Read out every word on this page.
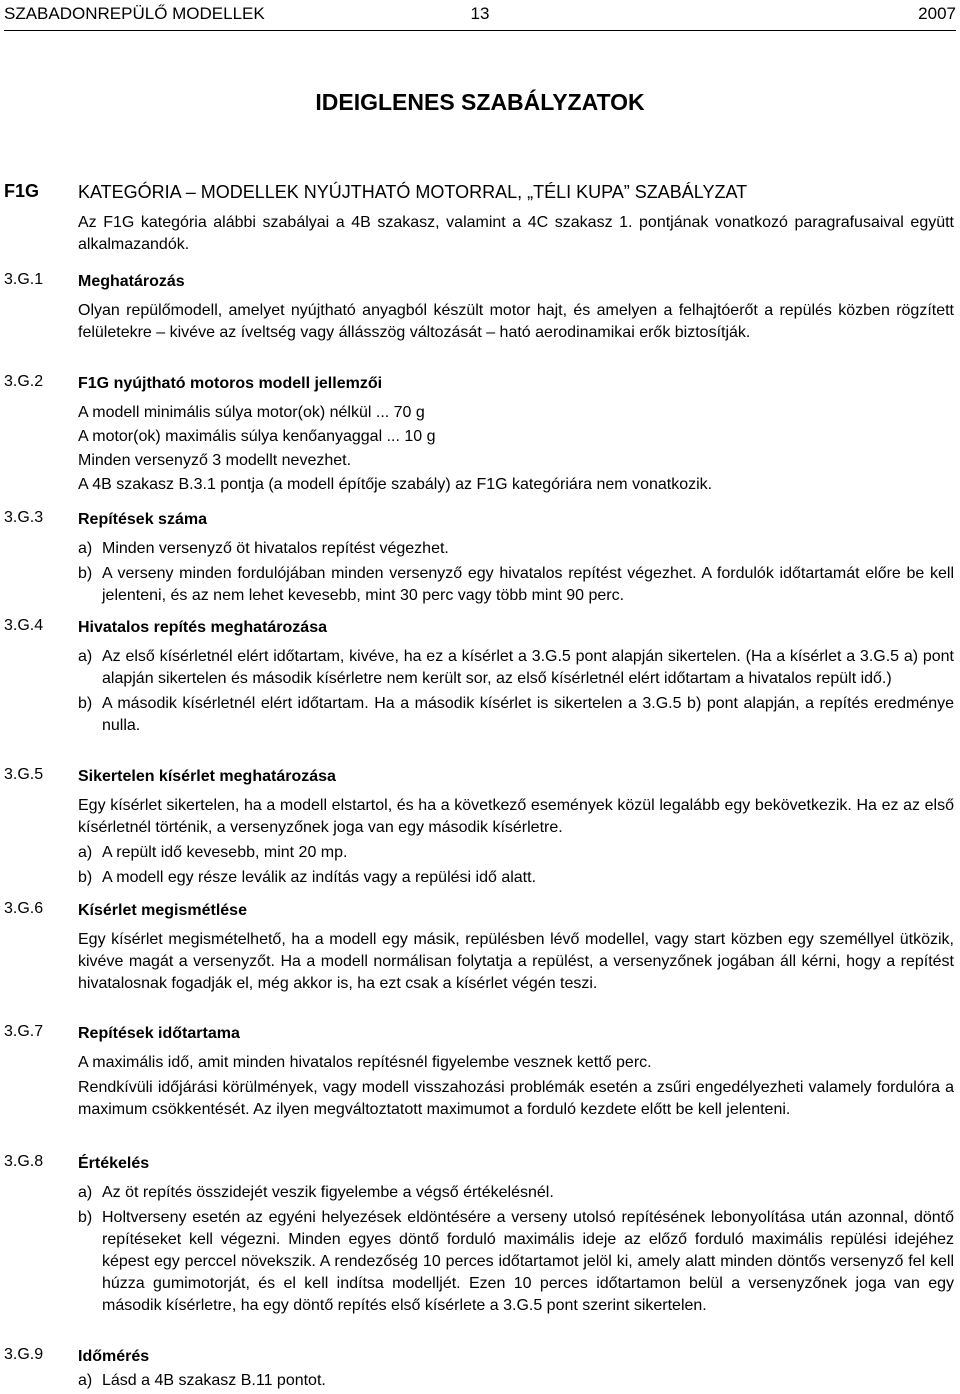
SZABADONREPÜLŐ MODELLEK	13	2007
IDEIGLENES SZABÁLYZATOK
F1G KATEGÓRIA – MODELLEK NYÚJTHATÓ MOTORRAL, „TÉLI KUPA” SZABÁLYZAT

Az F1G kategória alábbi szabályai a 4B szakasz, valamint a 4C szakasz 1. pontjának vonatkozó paragrafusaival együtt alkalmazandók.

3.G.1 Meghatározás

Olyan repülőmodell, amelyet nyújtható anyagból készült motor hajt, és amelyen a felhajtóerőt a repülés közben rögzített felületekre – kivéve az íveltség vagy állásszög változását – ható aerodinamikai erők biztosítják.

3.G.2 F1G nyújtható motoros modell jellemzői

A modell minimális súlya motor(ok) nélkül ... 70 g

A motor(ok) maximális súlya kenőanyaggal ... 10 g

Minden versenyző 3 modellt nevezhet.

A 4B szakasz B.3.1 pontja (a modell építője szabály) az F1G kategóriára nem vonatkozik.

3.G.3 Repítések száma
a) Minden versenyző öt hivatalos repítést végezhet.
b) A verseny minden fordulójában minden versenyző egy hivatalos repítést végezhet. A fordulók időtartamát előre be kell jelenteni, és az nem lehet kevesebb, mint 30 perc vagy több mint 90 perc.
3.G.4 Hivatalos repítés meghatározása
a) Az első kísérletnél elért időtartam, kivéve, ha ez a kísérlet a 3.G.5 pont alapján sikertelen. (Ha a kísérlet a 3.G.5 a) pont alapján sikertelen és második kísérletre nem került sor, az első kísérletnél elért időtartam a hivatalos repült idő.)
b) A második kísérletnél elért időtartam. Ha a második kísérlet is sikertelen a 3.G.5 b) pont alapján, a repítés eredménye nulla.
3.G.5 Sikertelen kísérlet meghatározása

Egy kísérlet sikertelen, ha a modell elstartol, és ha a következő események közül legalább egy bekövetkezik. Ha ez az első kísérletnél történik, a versenyzőnek joga van egy második kísérletre.

a) A repült idő kevesebb, mint 20 mp.
b) A modell egy része leválik az indítás vagy a repülési idő alatt.
3.G.6 Kísérlet megismétlése

Egy kísérlet megismételhető, ha a modell egy másik, repülésben lévő modellel, vagy start közben egy személlyel ütközik, kivéve magát a versenyzőt. Ha a modell normálisan folytatja a repülést, a versenyzőnek jogában áll kérni, hogy a repítést hivatalosnak fogadják el, még akkor is, ha ezt csak a kísérlet végén teszi.

3.G.7 Repítések időtartama

A maximális idő, amit minden hivatalos repítésnél figyelembe vesznek kettő perc.

Rendkívüli időjárási körülmények, vagy modell visszahozási problémák esetén a zsűri engedélyezheti valamely fordulóra a maximum csökkentését. Az ilyen megváltoztatott maximumot a forduló kezdete előtt be kell jelenteni.

3.G.8 Értékelés
a) Az öt repítés összidejét veszik figyelembe a végső értékelésnél.
b) Holtverseny esetén az egyéni helyezések eldöntésére a verseny utolsó repítésének lebonyolítása után azonnal, döntő repítéseket kell végezni. Minden egyes döntő forduló maximális ideje az előző forduló maximális repülési idejéhez képest egy perccel növekszik. A rendezőség 10 perces időtartamot jelöl ki, amely alatt minden döntős versenyző fel kell húzza gumimotorját, és el kell indítsa modelljét. Ezen 10 perces időtartamon belül a versenyzőnek joga van egy második kísérletre, ha egy döntő repítés első kísérlete a 3.G.5 pont szerint sikertelen.
3.G.9 Időmérés
a) Lásd a 4B szakasz B.11 pontot.
